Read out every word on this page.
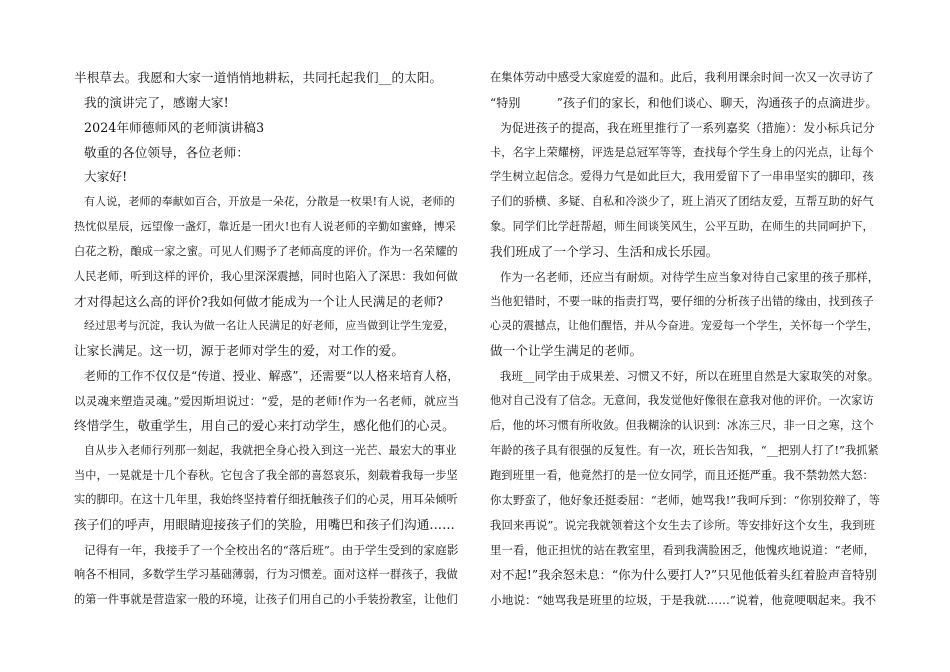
半根草去。我愿和大家一道悄悄地耕耘，共同托起我们__的太阳。
我的演讲完了，感谢大家!
2024年师德师风的老师演讲稿3
敬重的各位领导，各位老师：
大家好!
有人说，老师的奉献如百合，开放是一朵花，分散是一枚果!有人说，老师的
热忱似星辰，远望像一盏灯，靠近是一团火!也有人说老师的辛勤如蜜蜂，博采
白花之粉，酿成一家之蜜。可见人们赐予了老师高度的评价。作为一名荣耀的
人民老师，听到这样的评价，我心里深深震撼，同时也陷入了深思：我如何做
才对得起这么高的评价?我如何做才能成为一个让人民满足的老师?
经过思考与沉淀，我认为做一名让人民满足的好老师，应当做到让学生宠爱，
让家长满足。这一切，源于老师对学生的爱，对工作的爱。
老师的工作不仅仅是“传道、授业、解惑”，还需要“以人格来培育人格，
以灵魂来塑造灵魂。”爱因斯坦说过：“爱，是的老师!作为一名老师，就应当
终惜学生，敬重学生，用自己的爱心来打动学生，感化他们的心灵。
自从步入老师行列那一刻起，我就把全身心投入到这一光芒、最宏大的事业
当中，一晃就是十几个春秋。它包含了我全部的喜怒哀乐，刻载着我每一步坚
实的脚印。在这十几年里，我始终坚持着仔细抚触孩子们的心灵，用耳朵倾听
孩子们的呼声，用眼睛迎接孩子们的笑脸，用嘴巴和孩子们沟通……
记得有一年，我接手了一个全校出名的“落后班”。由于学生受到的家庭影
响各不相同，多数学生学习基础薄弱，行为习惯差。面对这样一群孩子，我做
的第一件事就是营造家一般的环境，让孩子们用自己的小手装扮教室，让他们
在集体劳动中感受大家庭爱的温和。此后，我利用课余时间一次又一次寻访了
“特别　　　”孩子们的家长，和他们谈心、聊天，沟通孩子的点滴进步。
为促进孩子的提高，我在班里推行了一系列嘉奖（措施）：发小标兵记分
卡，名字上荣耀榜，评选是总冠军等等，查找每个学生身上的闪光点，让每个
学生树立起信念。爱得力气是如此巨大，我用爱留下了一串串坚实的脚印，孩
子们的骄横、多疑、自私和冷淡少了，班上消灭了团结友爱，互帮互助的好气
象。同学们比学赶帮超，师生间谈笑风生，公平互助，在师生的共同呵护下，
我们班成了一个学习、生活和成长乐园。
作为一名老师，还应当有耐烦。对待学生应当象对待自己家里的孩子那样，
当他犯错时，不要一昧的指责打骂，要仔细的分析孩子出错的缘由，找到孩子
心灵的震撼点，让他们醒悟，并从今奋进。宠爱每一个学生，关怀每一个学生，
做一个让学生满足的老师。
我班__同学由于成果差、习惯又不好，所以在班里自然是大家取笑的对象。
他对自己没有了信念。无意间，我发觉他好像很在意我对他的评价。一次家访
后，他的坏习惯有所收敛。但我糊涂的认识到：冰冻三尺，非一日之寒，这个
年龄的孩子具有很强的反复性。有一次，班长告知我，“__把别人打了!”我抓紧
跑到班里一看，他竟然打的是一位女同学，而且还挺严重。我不禁勃然大怒：
你太野蛮了，他好象还挺委屈：“老师，她骂我!”我呵斥到：“你别狡辩了，等
我回来再说”。说完我就领着这个女生去了诊所。等安排好这个女生，我到班
里一看，他正担忧的站在教室里，看到我满脸困乏，他愧疚地说道：“老师，
对不起!”我余怒未息：“你为什么要打人?”只见他低着头红着脸声音特别
小地说：“她骂我是班里的垃圾，于是我就……”说着，他竟哽咽起来。我不
